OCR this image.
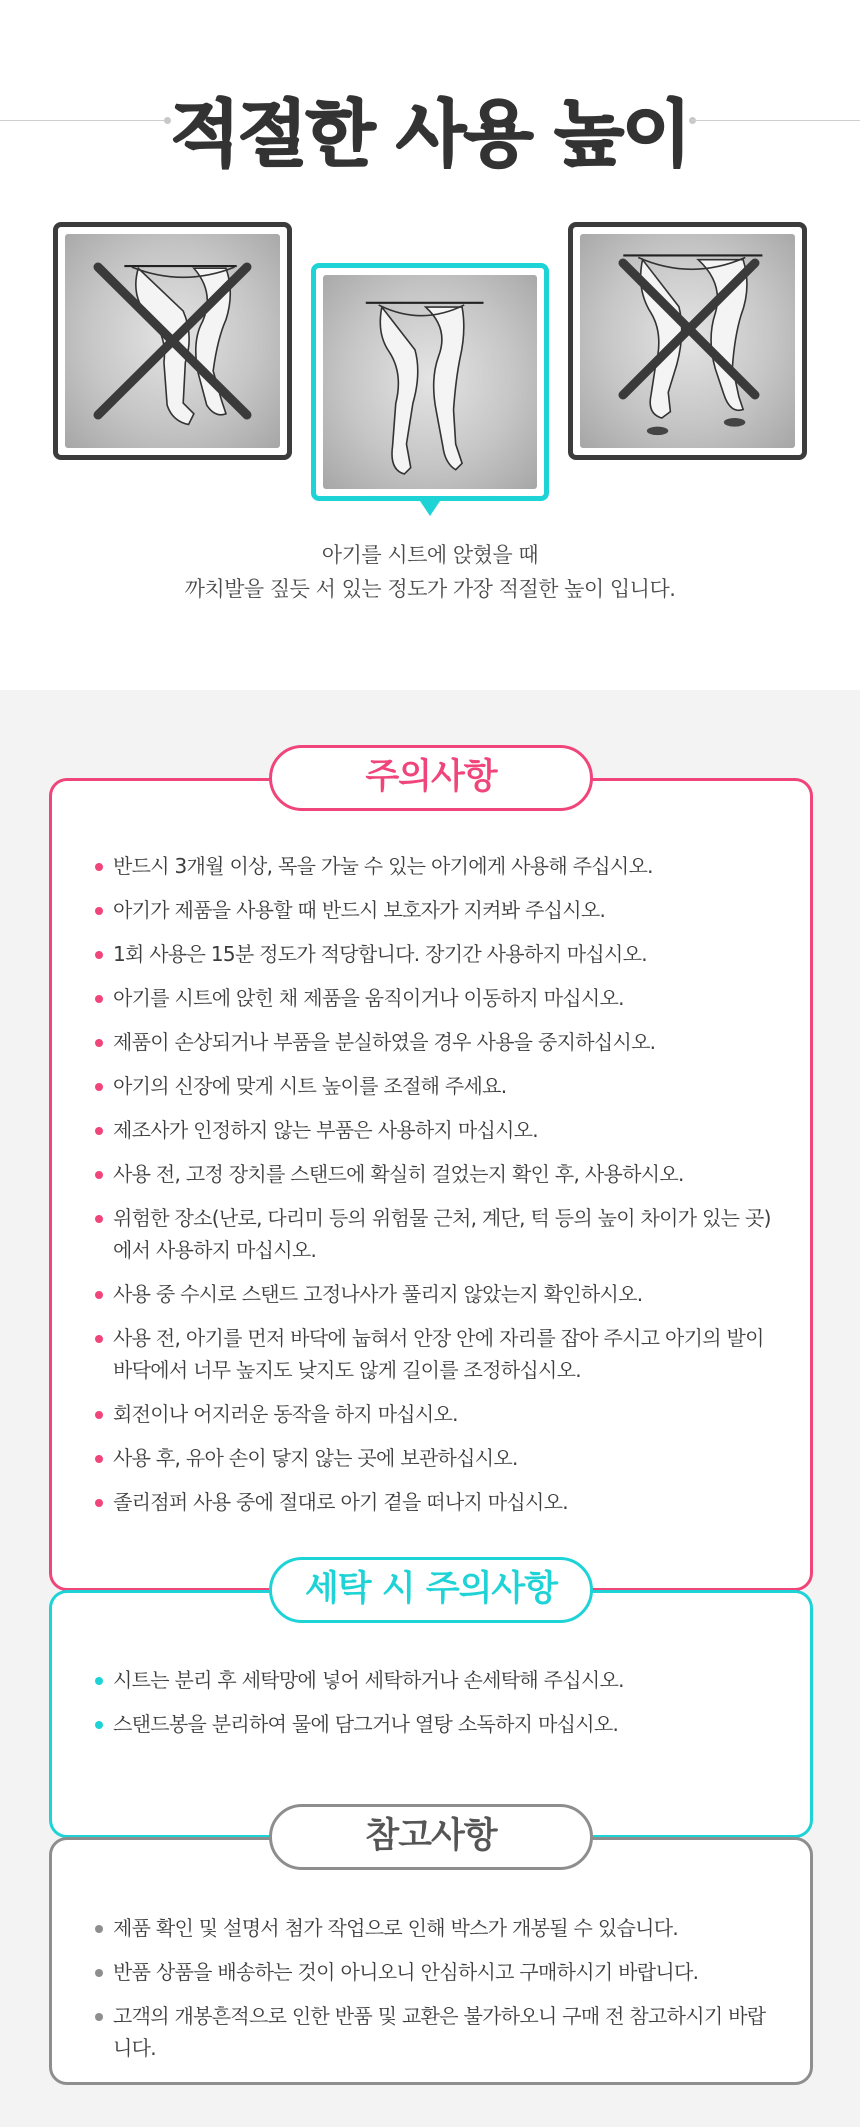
적절한 사용 높이
아기를 시트에 앉혔을 때
까치발을 짚듯 서 있는 정도가 가장 적절한 높이 입니다.
주의사항
반드시 3개월 이상, 목을 가눌 수 있는 아기에게 사용해 주십시오.
아기가 제품을 사용할 때 반드시 보호자가 지켜봐 주십시오.
1회 사용은 15분 정도가 적당합니다. 장기간 사용하지 마십시오.
아기를 시트에 앉힌 채 제품을 움직이거나 이동하지 마십시오.
제품이 손상되거나 부품을 분실하였을 경우 사용을 중지하십시오.
아기의 신장에 맞게 시트 높이를 조절해 주세요.
제조사가 인정하지 않는 부품은 사용하지 마십시오.
사용 전, 고정 장치를 스탠드에 확실히 걸었는지 확인 후, 사용하시오.
위험한 장소(난로, 다리미 등의 위험물 근처, 계단, 턱 등의 높이 차이가 있는 곳)에서 사용하지 마십시오.
사용 중 수시로 스탠드 고정나사가 풀리지 않았는지 확인하시오.
사용 전, 아기를 먼저 바닥에 눕혀서 안장 안에 자리를 잡아 주시고 아기의 발이 바닥에서 너무 높지도 낮지도 않게 길이를 조정하십시오.
회전이나 어지러운 동작을 하지 마십시오.
사용 후, 유아 손이 닿지 않는 곳에 보관하십시오.
졸리점퍼 사용 중에 절대로 아기 곁을 떠나지 마십시오.
세탁 시 주의사항
시트는 분리 후 세탁망에 넣어 세탁하거나 손세탁해 주십시오.
스탠드봉을 분리하여 물에 담그거나 열탕 소독하지 마십시오.
참고사항
제품 확인 및 설명서 첨가 작업으로 인해 박스가 개봉될 수 있습니다.
반품 상품을 배송하는 것이 아니오니 안심하시고 구매하시기 바랍니다.
고객의 개봉흔적으로 인한 반품 및 교환은 불가하오니 구매 전 참고하시기 바랍니다.
